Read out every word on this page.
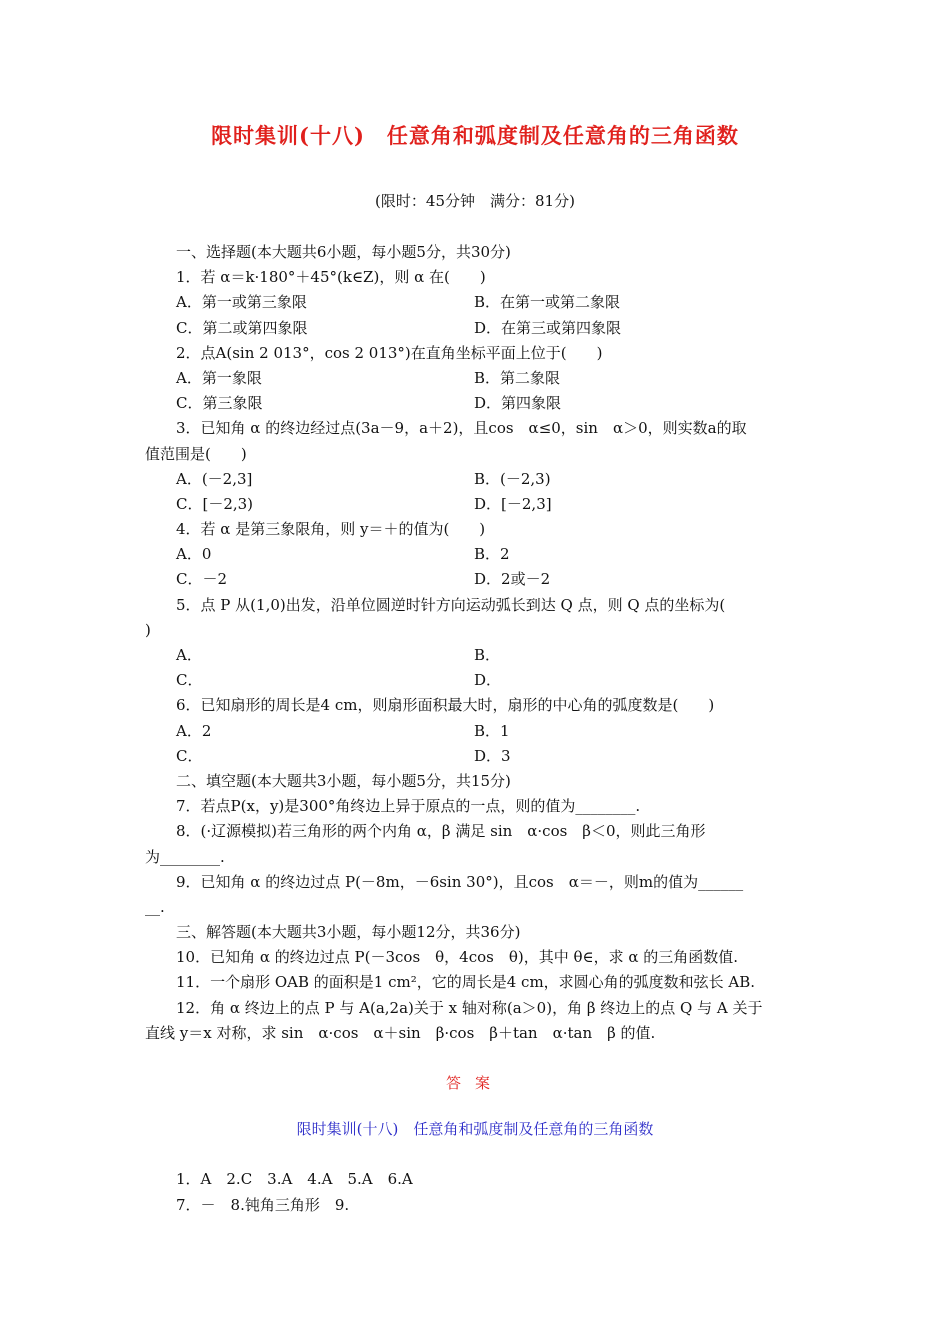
限时集训(十八)　任意角和弧度制及任意角的三角函数
(限时：45分钟　满分：81分)
一、选择题(本大题共6小题，每小题5分，共30分)
1．若 α＝k·180°＋45°(k∈Z)，则 α 在(　　)
A．第一或第三象限	B．在第一或第二象限
C．第二或第四象限	D．在第三或第四象限
2．点A(sin 2 013°，cos 2 013°)在直角坐标平面上位于(　　)
A．第一象限	B．第二象限
C．第三象限	D．第四象限
3．已知角 α 的终边经过点(3a－9，a＋2)，且cos　α≤0，sin　α＞0，则实数a的取
值范围是(　　)
A．(－2,3]	B．(－2,3)
C．[－2,3)	D．[－2,3]
4．若 α 是第三象限角，则 y＝＋的值为(　　)
A．0	B．2
C．－2	D．2或－2
5．点 P 从(1,0)出发，沿单位圆逆时针方向运动弧长到达 Q 点，则 Q 点的坐标为(
)
A．	B．
C．	D．
6．已知扇形的周长是4 cm，则扇形面积最大时，扇形的中心角的弧度数是(　　)
A．2	B．1
C．	D．3
二、填空题(本大题共3小题，每小题5分，共15分)
7．若点P(x，y)是300°角终边上异于原点的一点，则的值为________.
8．(·辽源模拟)若三角形的两个内角 α，β 满足 sin　α·cos　β＜0，则此三角形
为________.
9．已知角 α 的终边过点 P(－8m，－6sin 30°)，且cos　α＝－，则m的值为______
__.
三、解答题(本大题共3小题，每小题12分，共36分)
10．已知角 α 的终边过点 P(－3cos　θ，4cos　θ)，其中 θ∈，求 α 的三角函数值.
11．一个扇形 OAB 的面积是1 cm²，它的周长是4 cm，求圆心角的弧度数和弦长 AB.
12．角 α 终边上的点 P 与 A(a,2a)关于 x 轴对称(a＞0)，角 β 终边上的点 Q 与 A 关于
直线 y＝x 对称，求 sin　α·cos　α＋sin　β·cos　β＋tan　α·tan　β 的值.
答案
限时集训(十八)　任意角和弧度制及任意角的三角函数
1．A　2.C　3.A　4.A　5.A　6.A
7．－　8.钝角三角形　9.
